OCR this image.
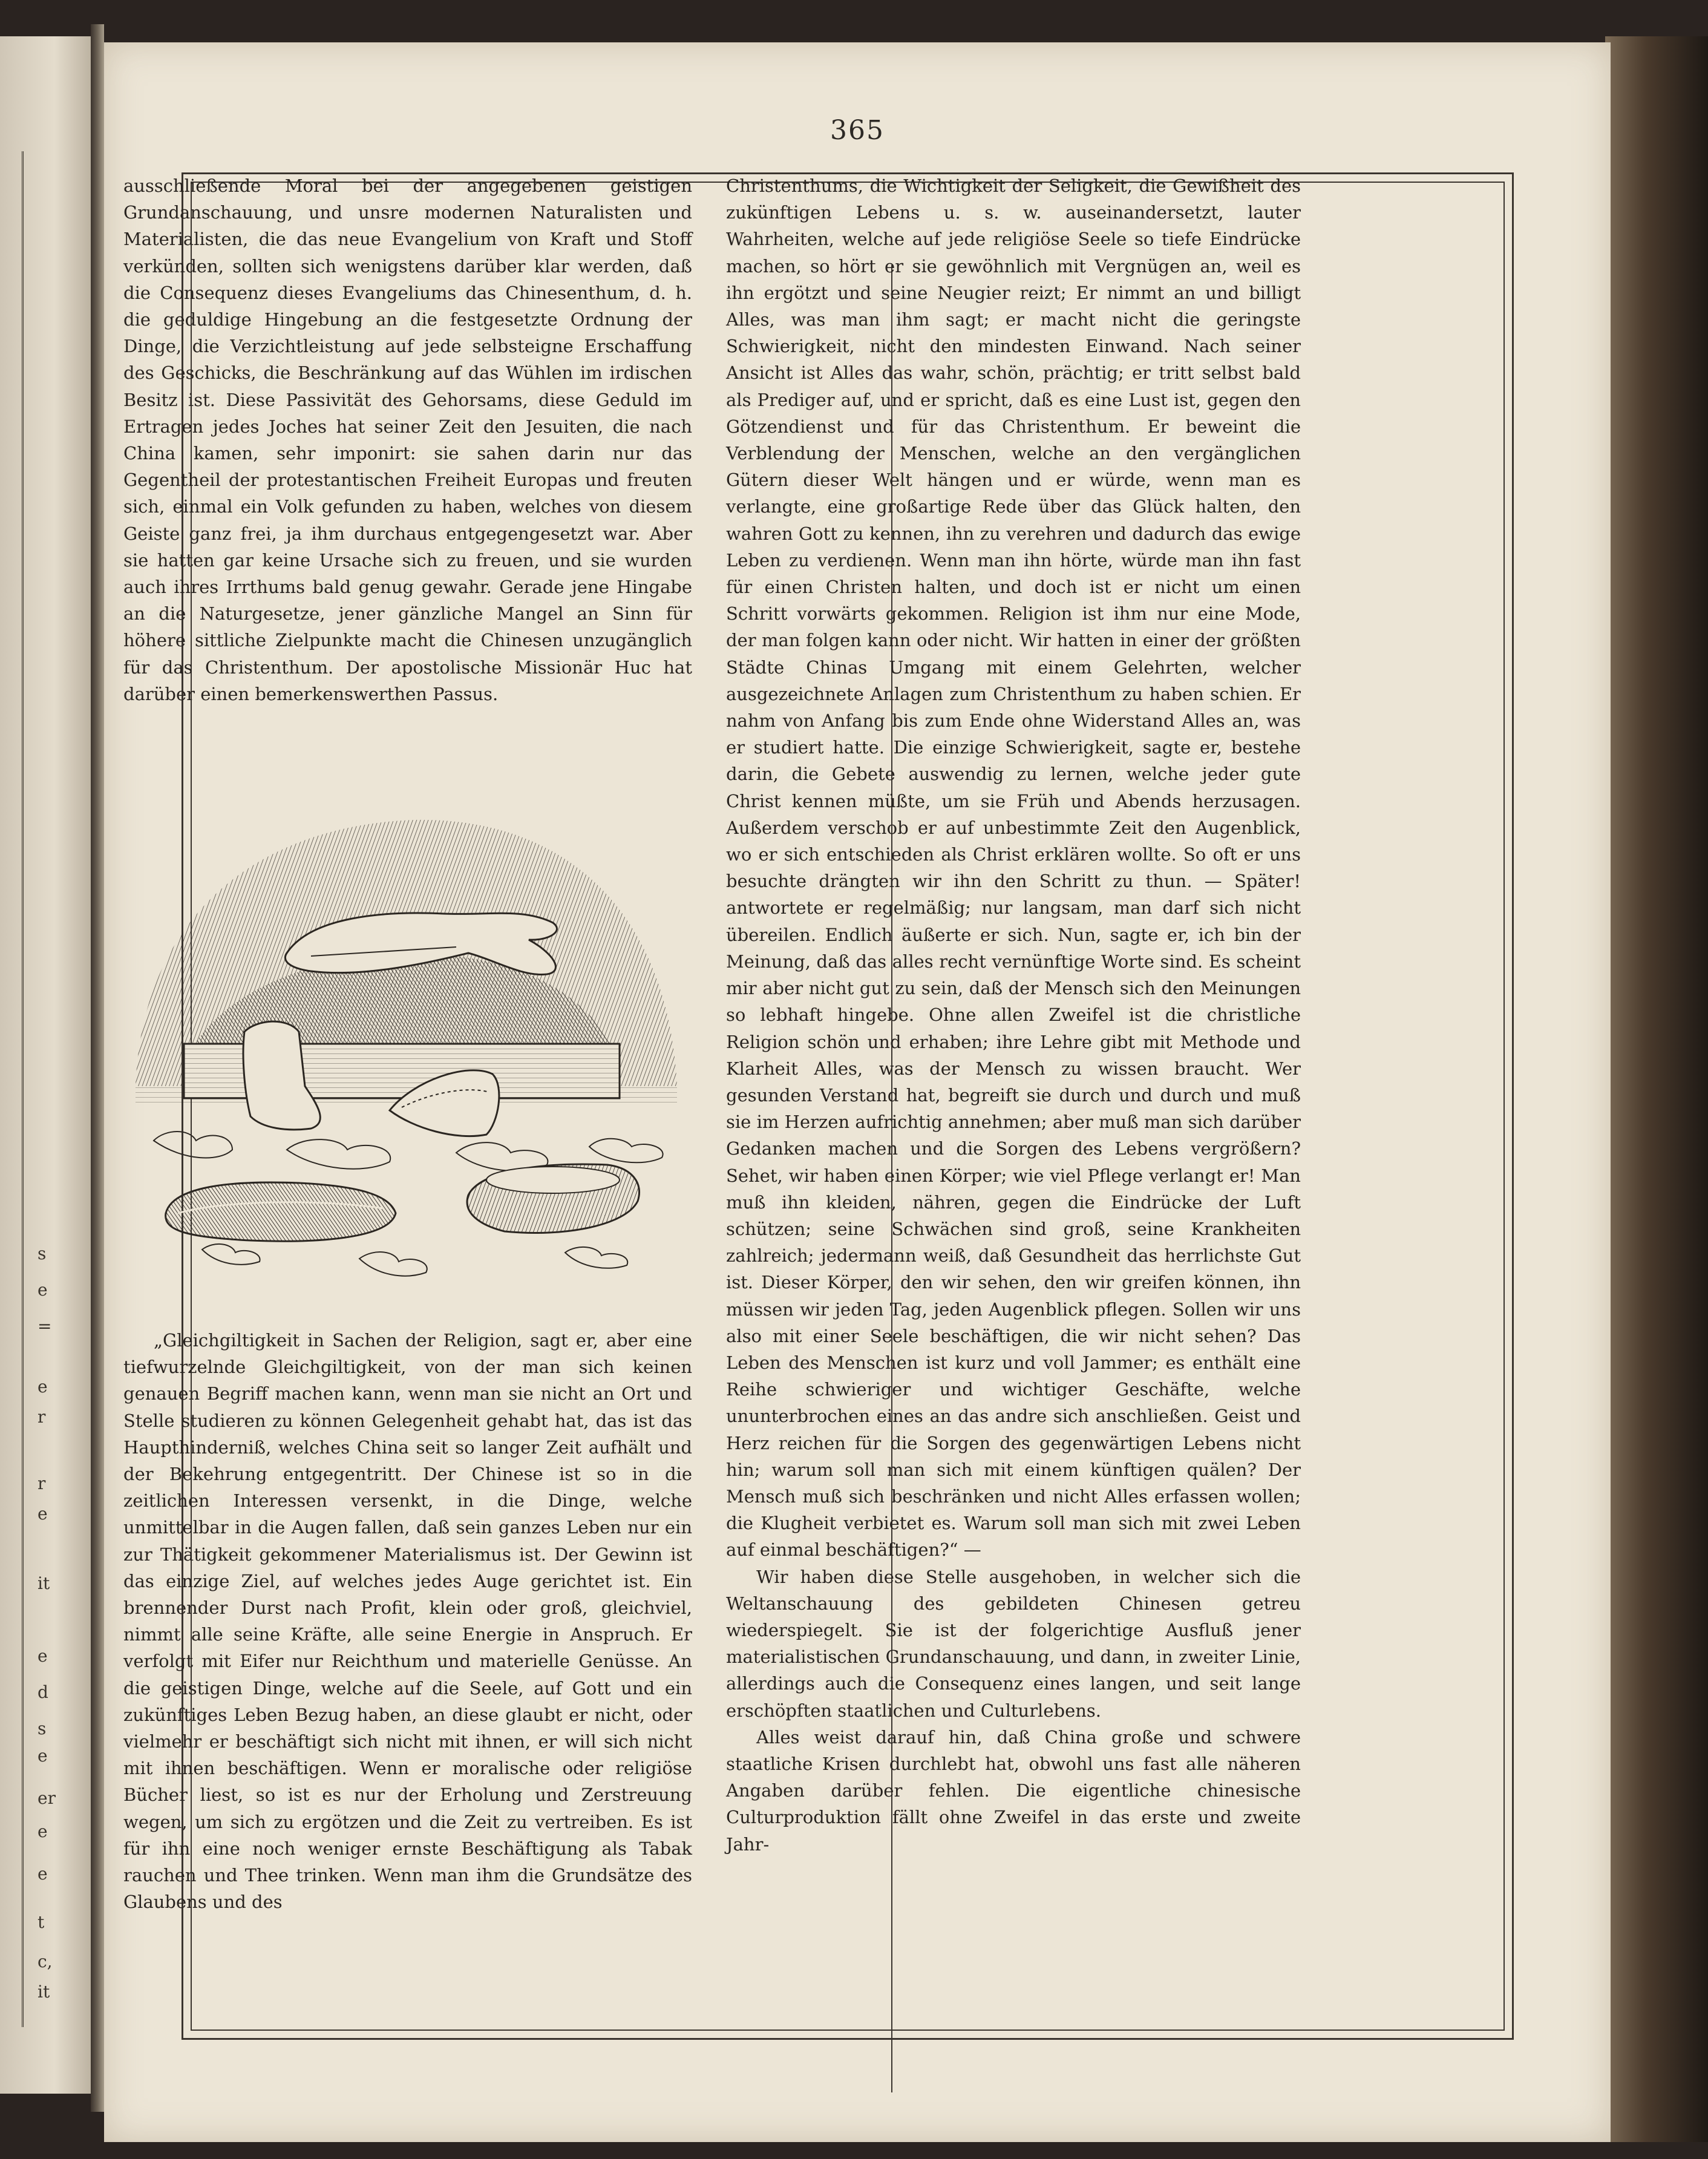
s
e
=
e
r
r
e
it
e
d
s
e
er
e
e
t
c,
it
365

ausschließende Moral bei der angegebenen geistigen Grundanschauung, und unsre modernen Naturalisten und Materialisten, die das neue Evangelium von Kraft und Stoff verkünden, sollten sich wenigstens darüber klar werden, daß die Consequenz dieses Evangeliums das Chinesenthum, d. h. die geduldige Hingebung an die festgesetzte Ordnung der Dinge, die Verzichtleistung auf jede selbsteigne Erschaffung des Geschicks, die Beschränkung auf das Wühlen im irdischen Besitz ist. Diese Passivität des Gehorsams, diese Geduld im Ertragen jedes Joches hat seiner Zeit den Jesuiten, die nach China kamen, sehr imponirt: sie sahen darin nur das Gegentheil der protestantischen Freiheit Europas und freuten sich, einmal ein Volk gefunden zu haben, welches von diesem Geiste ganz frei, ja ihm durchaus entgegengesetzt war. Aber sie hatten gar keine Ursache sich zu freuen, und sie wurden auch ihres Irrthums bald genug gewahr. Gerade jene Hingabe an die Naturgesetze, jener gänzliche Mangel an Sinn für höhere sittliche Zielpunkte macht die Chinesen unzugänglich für das Christenthum. Der apostolische Missionär Huc hat darüber einen bemerkenswerthen Passus.

„Gleichgiltigkeit in Sachen der Religion, sagt er, aber eine tiefwurzelnde Gleichgiltigkeit, von der man sich keinen genauen Begriff machen kann, wenn man sie nicht an Ort und Stelle studieren zu können Gelegenheit gehabt hat, das ist das Haupthinderniß, welches China seit so langer Zeit aufhält und der Bekehrung entgegentritt. Der Chinese ist so in die zeitlichen Interessen versenkt, in die Dinge, welche unmittelbar in die Augen fallen, daß sein ganzes Leben nur ein zur Thätigkeit gekommener Materialismus ist. Der Gewinn ist das einzige Ziel, auf welches jedes Auge gerichtet ist. Ein brennender Durst nach Profit, klein oder groß, gleichviel, nimmt alle seine Kräfte, alle seine Energie in Anspruch. Er verfolgt mit Eifer nur Reichthum und materielle Genüsse. An die geistigen Dinge, welche auf die Seele, auf Gott und ein zukünftiges Leben Bezug haben, an diese glaubt er nicht, oder vielmehr er beschäftigt sich nicht mit ihnen, er will sich nicht mit ihnen beschäftigen. Wenn er moralische oder religiöse Bücher liest, so ist es nur der Erholung und Zerstreuung wegen, um sich zu ergötzen und die Zeit zu vertreiben. Es ist für ihn eine noch weniger ernste Beschäftigung als Tabak rauchen und Thee trinken. Wenn man ihm die Grundsätze des Glaubens und des

Christenthums, die Wichtigkeit der Seligkeit, die Gewißheit des zukünftigen Lebens u. s. w. auseinandersetzt, lauter Wahrheiten, welche auf jede religiöse Seele so tiefe Eindrücke machen, so hört er sie gewöhnlich mit Vergnügen an, weil es ihn ergötzt und seine Neugier reizt; Er nimmt an und billigt Alles, was man ihm sagt; er macht nicht die geringste Schwierigkeit, nicht den mindesten Einwand. Nach seiner Ansicht ist Alles das wahr, schön, prächtig; er tritt selbst bald als Prediger auf, und er spricht, daß es eine Lust ist, gegen den Götzendienst und für das Christenthum. Er beweint die Verblendung der Menschen, welche an den vergänglichen Gütern dieser Welt hängen und er würde, wenn man es verlangte, eine großartige Rede über das Glück halten, den wahren Gott zu kennen, ihn zu verehren und dadurch das ewige Leben zu verdienen. Wenn man ihn hörte, würde man ihn fast für einen Christen halten, und doch ist er nicht um einen Schritt vorwärts gekommen. Religion ist ihm nur eine Mode, der man folgen kann oder nicht. Wir hatten in einer der größten Städte Chinas Umgang mit einem Gelehrten, welcher ausgezeichnete Anlagen zum Christenthum zu haben schien. Er nahm von Anfang bis zum Ende ohne Widerstand Alles an, was er studiert hatte. Die einzige Schwierigkeit, sagte er, bestehe darin, die Gebete auswendig zu lernen, welche jeder gute Christ kennen müßte, um sie Früh und Abends herzusagen. Außerdem verschob er auf unbestimmte Zeit den Augenblick, wo er sich entschieden als Christ erklären wollte. So oft er uns besuchte drängten wir ihn den Schritt zu thun. — Später! antwortete er regelmäßig; nur langsam, man darf sich nicht übereilen. Endlich äußerte er sich. Nun, sagte er, ich bin der Meinung, daß das alles recht vernünftige Worte sind. Es scheint mir aber nicht gut zu sein, daß der Mensch sich den Meinungen so lebhaft hingebe. Ohne allen Zweifel ist die christliche Religion schön und erhaben; ihre Lehre gibt mit Methode und Klarheit Alles, was der Mensch zu wissen braucht. Wer gesunden Verstand hat, begreift sie durch und durch und muß sie im Herzen aufrichtig annehmen; aber muß man sich darüber Gedanken machen und die Sorgen des Lebens vergrößern? Sehet, wir haben einen Körper; wie viel Pflege verlangt er! Man muß ihn kleiden, nähren, gegen die Eindrücke der Luft schützen; seine Schwächen sind groß, seine Krankheiten zahlreich; jedermann weiß, daß Gesundheit das herrlichste Gut ist. Dieser Körper, den wir sehen, den wir greifen können, ihn müssen wir jeden Tag, jeden Augenblick pflegen. Sollen wir uns also mit einer Seele beschäftigen, die wir nicht sehen? Das Leben des Menschen ist kurz und voll Jammer; es enthält eine Reihe schwieriger und wichtiger Geschäfte, welche ununterbrochen eines an das andre sich anschließen. Geist und Herz reichen für die Sorgen des gegenwärtigen Lebens nicht hin; warum soll man sich mit einem künftigen quälen? Der Mensch muß sich beschränken und nicht Alles erfassen wollen; die Klugheit verbietet es. Warum soll man sich mit zwei Leben auf einmal beschäftigen?“ —

Wir haben diese Stelle ausgehoben, in welcher sich die Weltanschauung des gebildeten Chinesen getreu wiederspiegelt. Sie ist der folgerichtige Ausfluß jener materialistischen Grundanschauung, und dann, in zweiter Linie, allerdings auch die Consequenz eines langen, und seit lange erschöpften staatlichen und Culturlebens.

Alles weist darauf hin, daß China große und schwere staatliche Krisen durchlebt hat, obwohl uns fast alle näheren Angaben darüber fehlen. Die eigentliche chinesische Culturproduktion fällt ohne Zweifel in das erste und zweite Jahr-
